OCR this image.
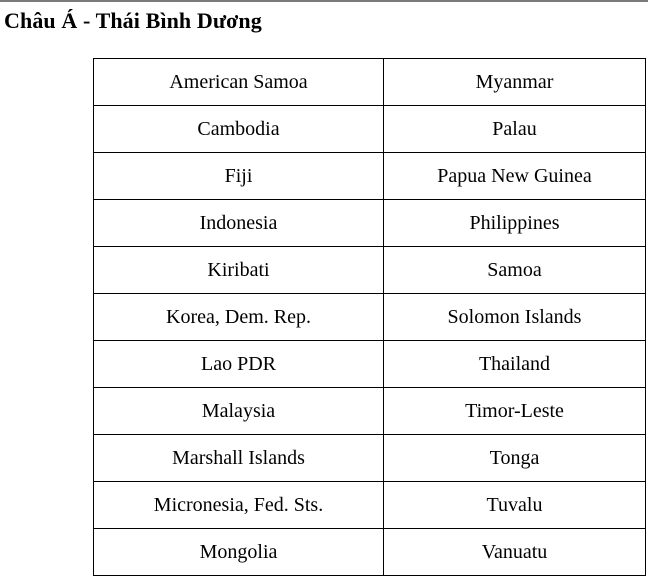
Châu Á - Thái Bình Dương
American Samoa	Myanmar
Cambodia	Palau
Fiji	Papua New Guinea
Indonesia	Philippines
Kiribati	Samoa
Korea, Dem. Rep.	Solomon Islands
Lao PDR	Thailand
Malaysia	Timor-Leste
Marshall Islands	Tonga
Micronesia, Fed. Sts.	Tuvalu
Mongolia	Vanuatu
